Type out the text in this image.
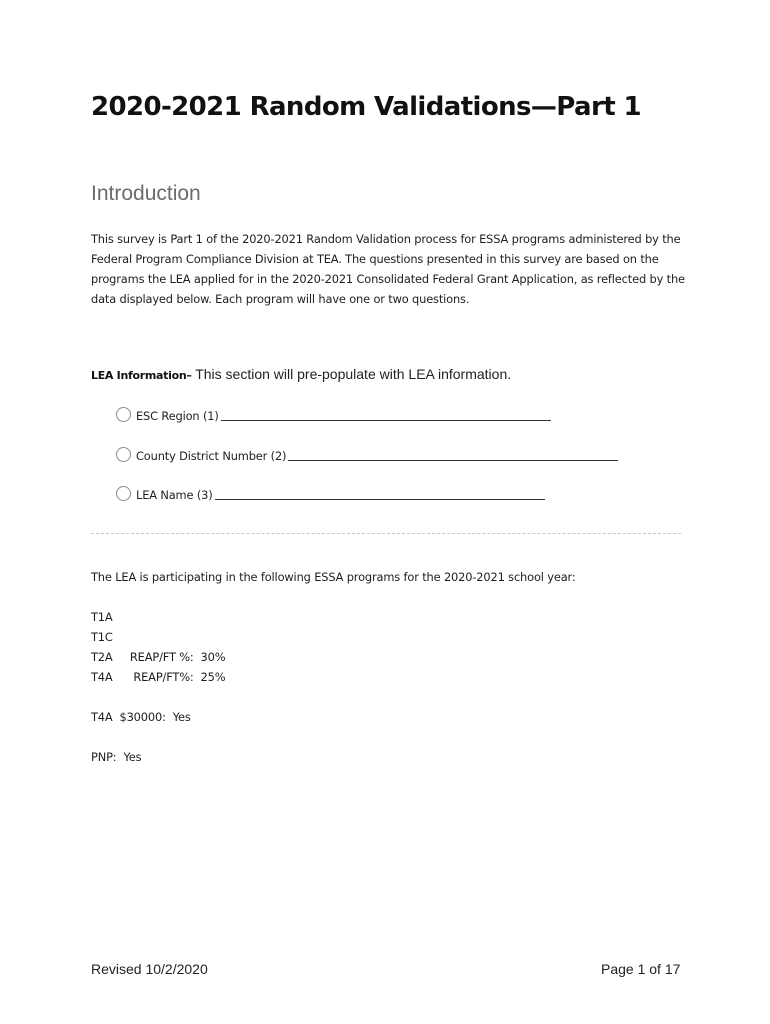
2020-2021 Random Validations—Part 1
Introduction

This survey is Part 1 of the 2020-2021 Random Validation process for ESSA programs administered by the Federal Program Compliance Division at TEA. The questions presented in this survey are based on the programs the LEA applied for in the 2020-2021 Consolidated Federal Grant Application, as reflected by the data displayed below. Each program will have one or two questions.

LEA Information– This section will pre-populate with LEA information.
ESC Region (1)
County District Number (2)
LEA Name (3)

The LEA is participating in the following ESSA programs for the 2020-2021 school year:

T1A
T1C
T2A     REAP/FT %:  30%
T4A      REAP/FT%:  25%
T4A  $30000:  Yes
PNP:  Yes
Revised 10/2/2020	Page 1 of 17
